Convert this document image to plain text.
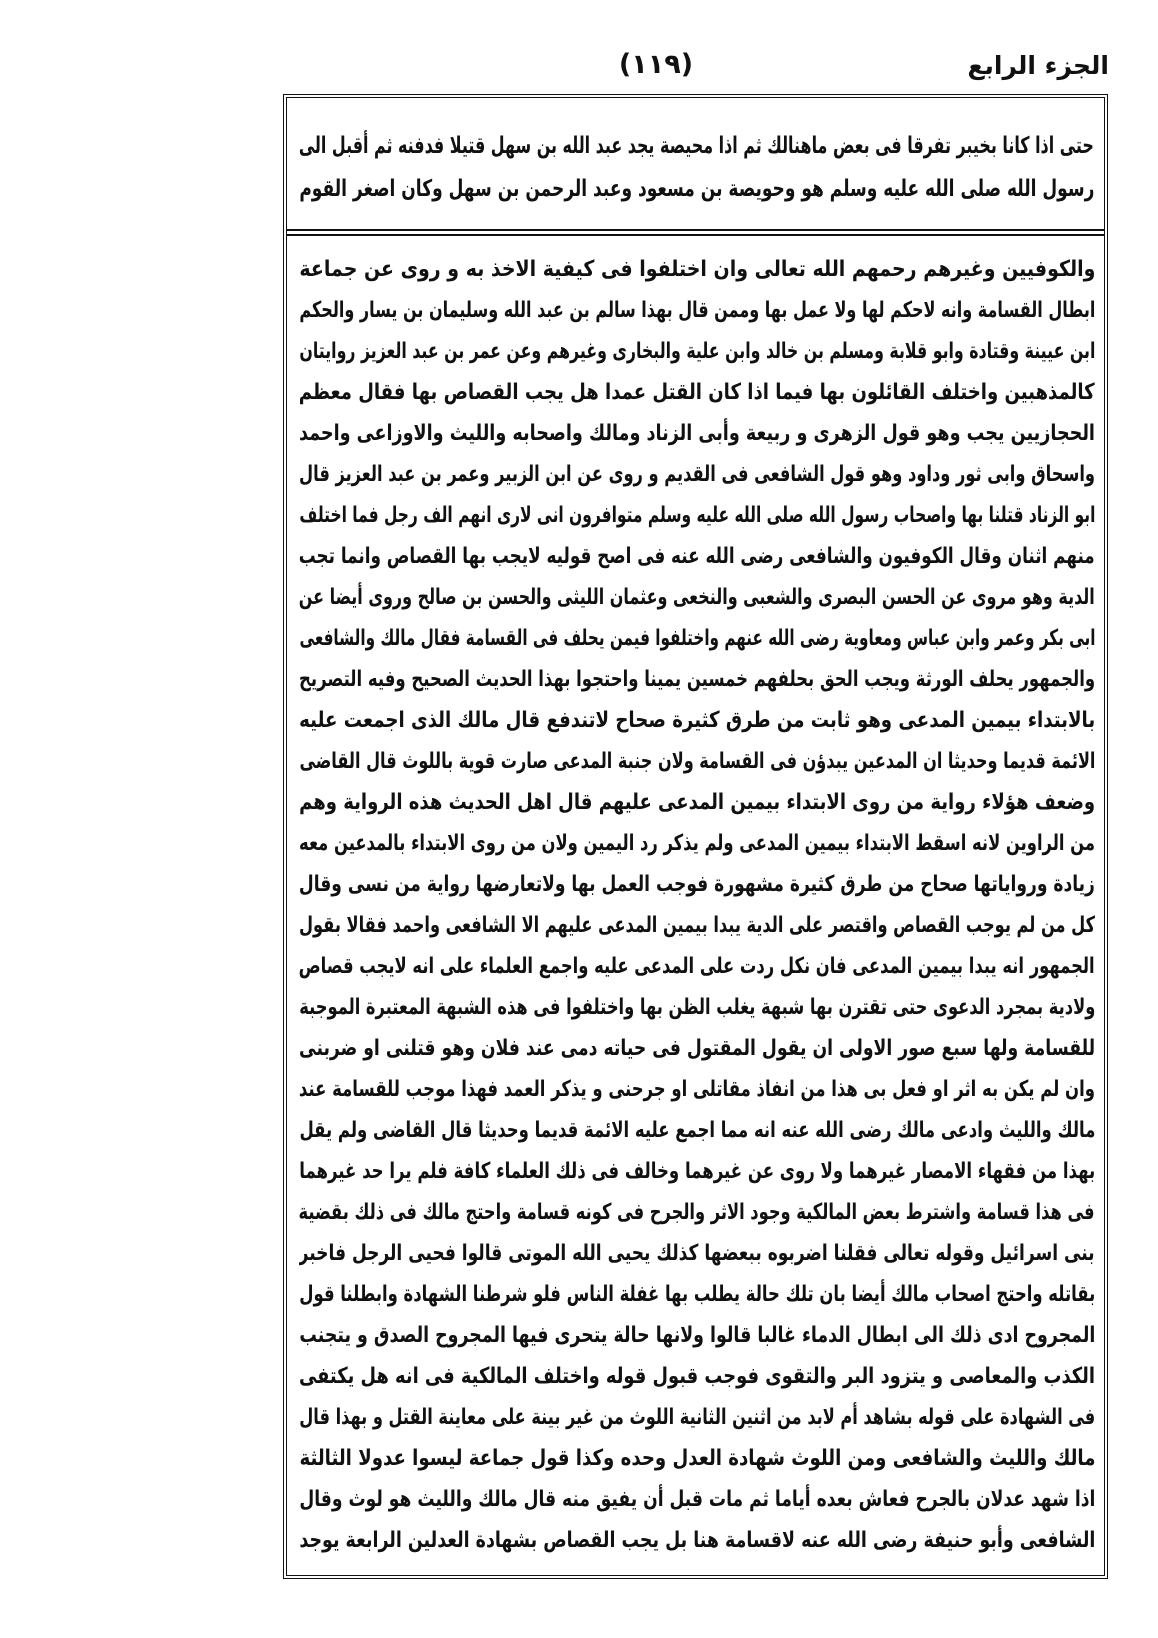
الجزء الرابع
(١١٩)
حتى اذا كانا بخيبر تفرقا فى بعض ماهنالك ثم اذا محيصة يجد عبد الله بن سهل قتيلا فدفنه ثم أقبل الى
رسول الله صلى الله عليه وسلم هو وحويصة بن مسعود وعبد الرحمن بن سهل وكان اصغر القوم
والكوفيين وغيرهم رحمهم الله تعالى وان اختلفوا فى كيفية الاخذ به و روى عن جماعة
ابطال القسامة وانه لاحكم لها ولا عمل بها وممن قال بهذا سالم بن عبد الله وسليمان بن يسار والحكم
ابن عيينة وقتادة وابو قلابة ومسلم بن خالد وابن علية والبخارى وغيرهم وعن عمر بن عبد العزيز روايتان
كالمذهبين واختلف القائلون بها فيما اذا كان القتل عمدا هل يجب القصاص بها فقال معظم
الحجازيين يجب وهو قول الزهرى و ربيعة وأبى الزناد ومالك واصحابه والليث والاوزاعى واحمد
واسحاق وابى ثور وداود وهو قول الشافعى فى القديم و روى عن ابن الزبير وعمر بن عبد العزيز قال
ابو الزناد قتلنا بها واصحاب رسول الله صلى الله عليه وسلم متوافرون انى لارى انهم الف رجل فما اختلف
منهم اثنان وقال الكوفيون والشافعى رضى الله عنه فى اصح قوليه لايجب بها القصاص وانما تجب
الدية وهو مروى عن الحسن البصرى والشعبى والنخعى وعثمان الليثى والحسن بن صالح وروى أيضا عن
ابى بكر وعمر وابن عباس ومعاوية رضى الله عنهم واختلفوا فيمن يحلف فى القسامة فقال مالك والشافعى
والجمهور يحلف الورثة ويجب الحق بحلفهم خمسين يمينا واحتجوا بهذا الحديث الصحيح وفيه التصريح
بالابتداء بيمين المدعى وهو ثابت من طرق كثيرة صحاح لاتندفع قال مالك الذى اجمعت عليه
الائمة قديما وحديثا ان المدعين يبدؤن فى القسامة ولان جنبة المدعى صارت قوية باللوث قال القاضى
وضعف هؤلاء رواية من روى الابتداء بيمين المدعى عليهم قال اهل الحديث هذه الرواية وهم
من الراوين لانه اسقط الابتداء بيمين المدعى ولم يذكر رد اليمين ولان من روى الابتداء بالمدعين معه
زيادة ورواياتها صحاح من طرق كثيرة مشهورة فوجب العمل بها ولاتعارضها رواية من نسى وقال
كل من لم يوجب القصاص واقتصر على الدية يبدا بيمين المدعى عليهم الا الشافعى واحمد فقالا بقول
الجمهور انه يبدا بيمين المدعى فان نكل ردت على المدعى عليه واجمع العلماء على انه لايجب قصاص
ولادية بمجرد الدعوى حتى تقترن بها شبهة يغلب الظن بها واختلفوا فى هذه الشبهة المعتبرة الموجبة
للقسامة ولها سبع صور الاولى ان يقول المقتول فى حياته دمى عند فلان وهو قتلنى او ضربنى
وان لم يكن به اثر او فعل بى هذا من انفاذ مقاتلى او جرحنى و يذكر العمد فهذا موجب للقسامة عند
مالك والليث وادعى مالك رضى الله عنه انه مما اجمع عليه الائمة قديما وحديثا قال القاضى ولم يقل
بهذا من فقهاء الامصار غيرهما ولا روى عن غيرهما وخالف فى ذلك العلماء كافة فلم يرا حد غيرهما
فى هذا قسامة واشترط بعض المالكية وجود الاثر والجرح فى كونه قسامة واحتج مالك فى ذلك بقضية
بنى اسرائيل وقوله تعالى فقلنا اضربوه ببعضها كذلك يحيى الله الموتى قالوا فحيى الرجل فاخبر
بقاتله واحتج اصحاب مالك أيضا بان تلك حالة يطلب بها غفلة الناس فلو شرطنا الشهادة وابطلنا قول
المجروح ادى ذلك الى ابطال الدماء غالبا قالوا ولانها حالة يتحرى فيها المجروح الصدق و يتجنب
الكذب والمعاصى و يتزود البر والتقوى فوجب قبول قوله واختلف المالكية فى انه هل يكتفى
فى الشهادة على قوله بشاهد أم لابد من اثنين الثانية اللوث من غير بينة على معاينة القتل و بهذا قال
مالك والليث والشافعى ومن اللوث شهادة العدل وحده وكذا قول جماعة ليسوا عدولا الثالثة
اذا شهد عدلان بالجرح فعاش بعده أياما ثم مات قبل أن يفيق منه قال مالك والليث هو لوث وقال
الشافعى وأبو حنيفة رضى الله عنه لاقسامة هنا بل يجب القصاص بشهادة العدلين الرابعة يوجد
